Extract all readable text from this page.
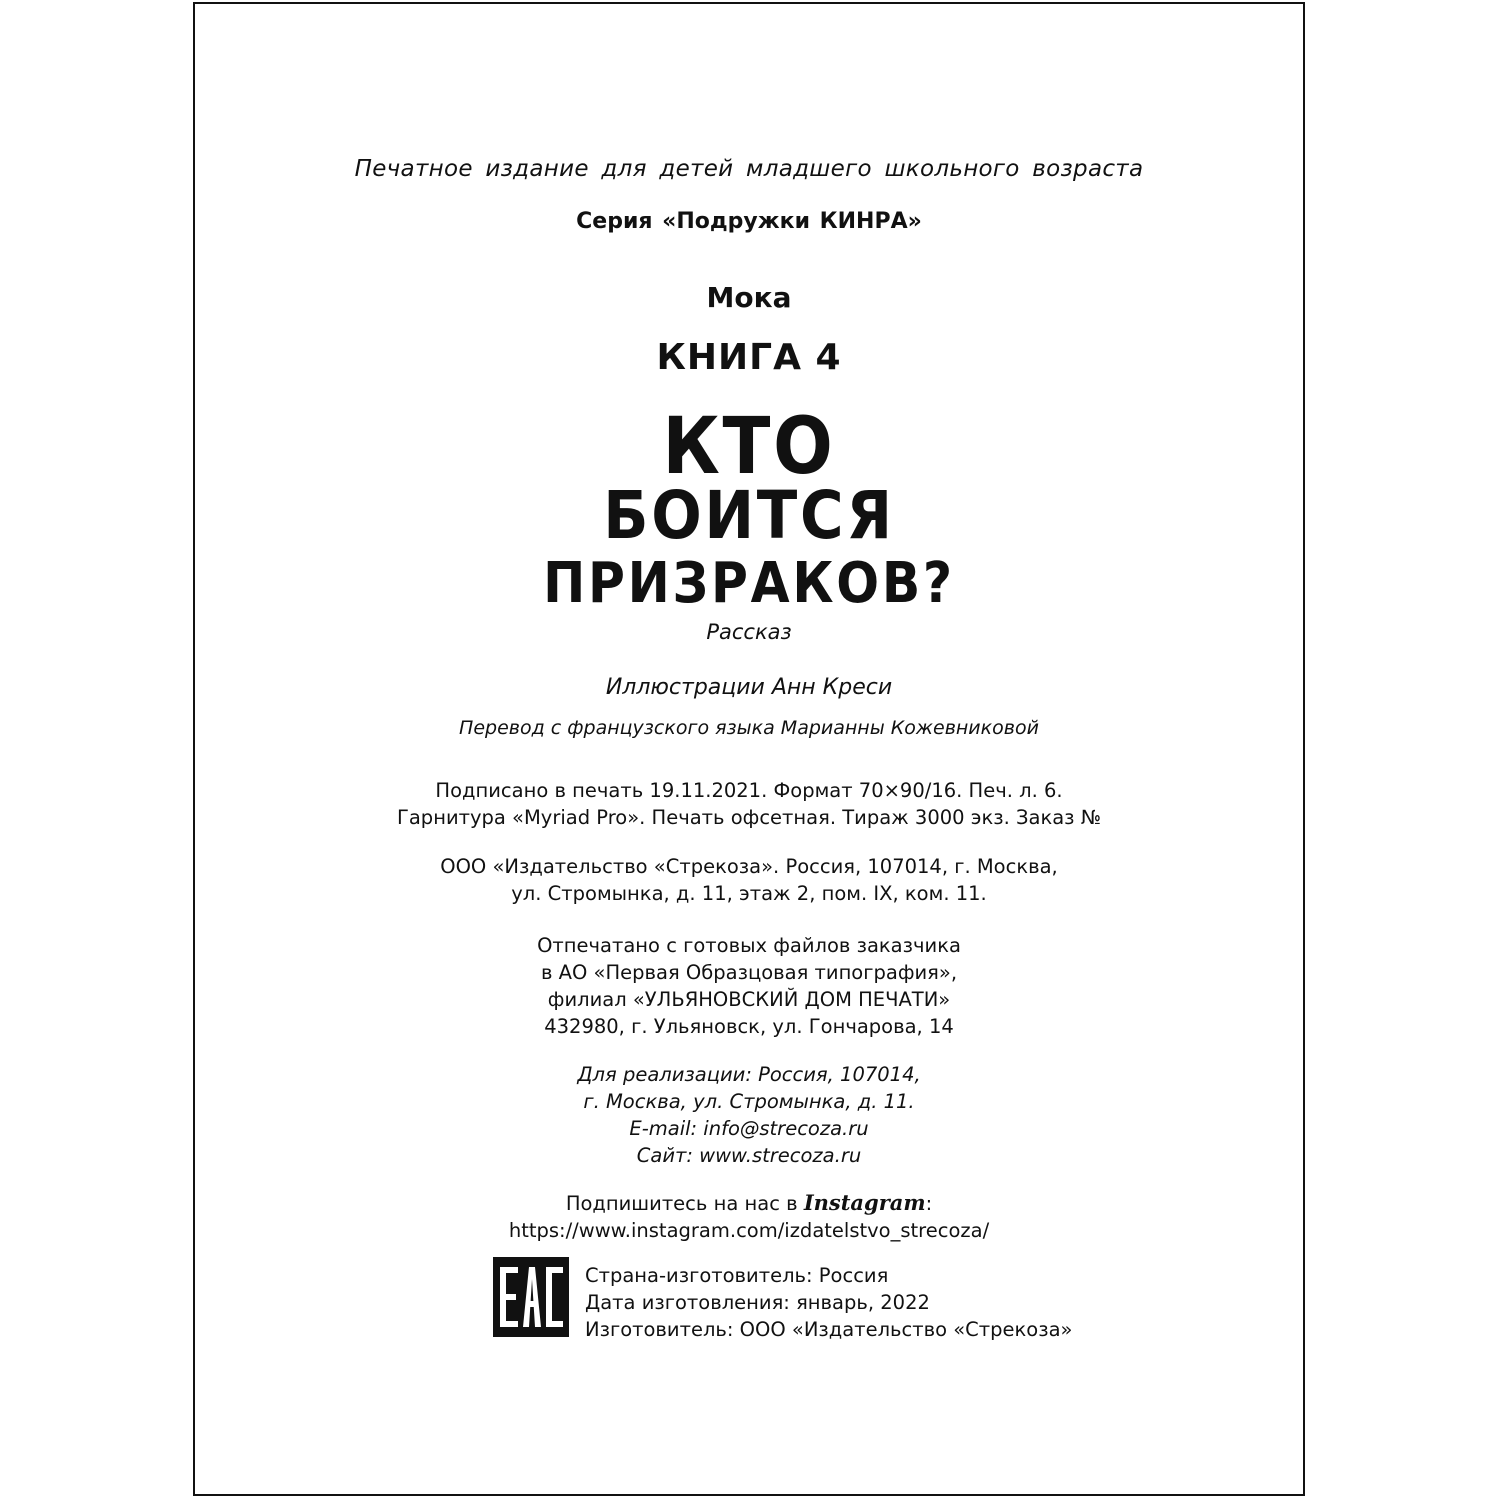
Печатное издание для детей младшего школьного возраста
Серия «Подружки КИНРА»
Мока
КНИГА 4
КТО
БОИТСЯ
ПРИЗРАКОВ?
Рассказ
Иллюстрации Анн Креси
Перевод с французского языка Марианны Кожевниковой
Подписано в печать 19.11.2021. Формат 70×90/16. Печ. л. 6.
Гарнитура «Myriad Pro». Печать офсетная. Тираж 3000 экз. Заказ №
ООО «Издательство «Стрекоза». Россия, 107014, г. Москва,
ул. Стромынка, д. 11, этаж 2, пом. IX, ком. 11.
Отпечатано с готовых файлов заказчика
в АО «Первая Образцовая типография»,
филиал «УЛЬЯНОВСКИЙ ДОМ ПЕЧАТИ»
432980, г. Ульяновск, ул. Гончарова, 14
Для реализации: Россия, 107014,
г. Москва, ул. Стромынка, д. 11.
E-mail: info@strecoza.ru
Сайт: www.strecoza.ru
Подпишитесь на нас в Instagram:
https://www.instagram.com/izdatelstvo_strecoza/
Страна-изготовитель: Россия
Дата изготовления: январь, 2022
Изготовитель: ООО «Издательство «Стрекоза»
